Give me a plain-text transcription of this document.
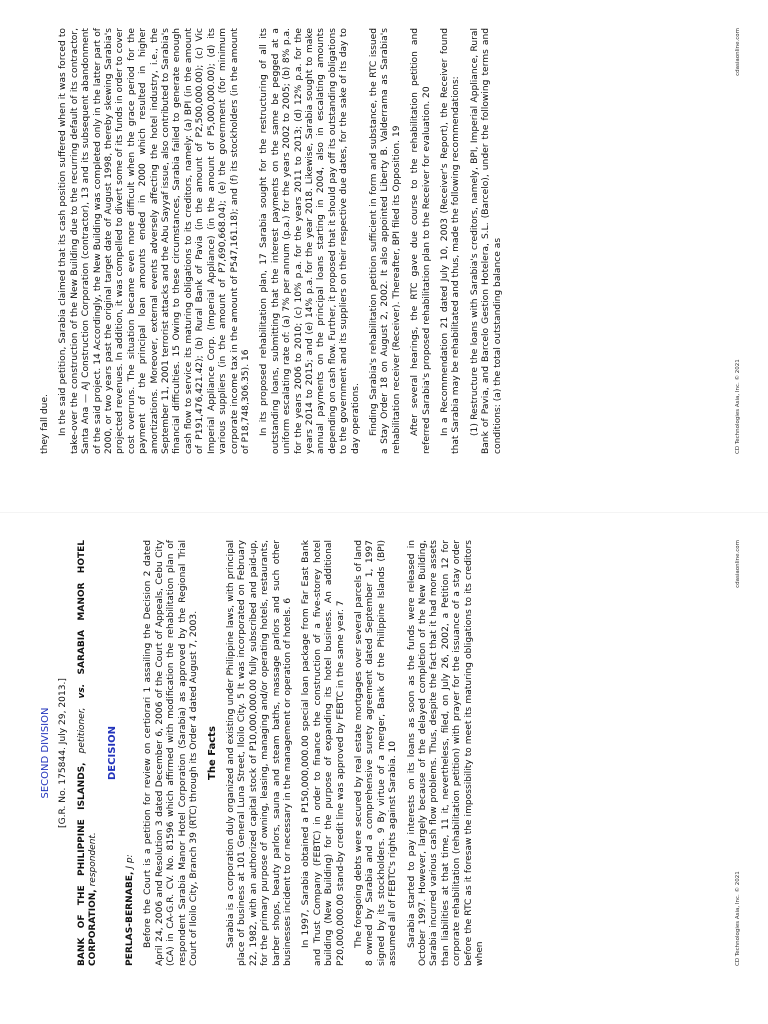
SECOND DIVISION [G.R. No. 175844. July 29, 2013.]

BANK OF THE PHILIPPINE ISLANDS, petitioner, vs. SARABIA MANOR HOTEL CORPORATION, respondent.

DECISION

PERLAS-BERNABE, J p: Before the Court is a petition for review on certiorari 1 assailing the Decision 2 dated April 24, 2006 and Resolution 3 dated December 6, 2006 of the Court of Appeals, Cebu City (CA) in CA-G.R. CV. No. 81596 which affirmed with modification the rehabilitation plan of respondent Sarabia Manor Hotel Corporation (Sarabia) as approved by the Regional Trial Court of Iloilo City, Branch 39 (RTC) through its Order 4 dated August 7, 2003. The Facts Sarabia is a corporation duly organized and existing under Philippine laws, with principal place of business at 101 General Luna Street, Iloilo City. 5 It was incorporated on February 22, 1982, with an authorized capital stock of P10,000,000.00 fully subscribed and paid-up, for the primary purpose of owning, leasing, managing and/or operating hotels, restaurants, barber shops, beauty parlors, sauna and steam baths, massage parlors and such other businesses incident to or necessary in the management or operation of hotels. 6 In 1997, Sarabia obtained a P150,000,000.00 special loan package from Far East Bank and Trust Company (FEBTC) in order to finance the construction of a five-storey hotel building (New Building) for the purpose of expanding its hotel business. An additional P20,000,000.00 stand-by credit line was approved by FEBTC in the same year. 7 The foregoing debts were secured by real estate mortgages over several parcels of land 8 owned by Sarabia and a comprehensive surety agreement dated September 1, 1997 signed by its stockholders. 9 By virtue of a merger, Bank of the Philippine Islands (BPI) assumed all of FEBTC's rights against Sarabia. 10 Sarabia started to pay interests on its loans as soon as the funds were released in October 1997. However, largely because of the delayed completion of the New Building, Sarabia incurred various cash flow problems. Thus, despite the fact that it had more assets than liabilities at that time, 11 it, nevertheless, filed, on July 26, 2002, a Petition 12 for corporate rehabilitation (rehabilitation petition) with prayer for the issuance of a stay order before the RTC as it foresaw the impossibility to meet its maturing obligations to its creditors when	CD Technologies Asia, Inc. © 2021
cdasiaonline.com

they fall due. In the said petition, Sarabia claimed that its cash position suffered when it was forced to take-over the construction of the New Building due to the recurring default of its contractor, Santa Ana — AJ Construction Corporation (contractor), 13 and its subsequent abandonment of the said project. 14 Accordingly, the New Building was completed only in the latter part of 2000, or two years past the original target date of August 1998, thereby skewing Sarabia's projected revenues. In addition, it was compelled to divert some of its funds in order to cover cost overruns. The situation became even more difficult when the grace period for the payment of the principal loan amounts ended in 2000 which resulted in higher amortizations. Moreover, external events adversely affecting the hotel industry, i.e., the September 11, 2001 terrorist attacks and the Abu Sayyaf issue, also contributed to Sarabia's financial difficulties. 15 Owing to these circumstances, Sarabia failed to generate enough cash flow to service its maturing obligations to its creditors, namely: (a) BPI (in the amount of P191,476,421.42); (b) Rural Bank of Pavia (in the amount of P2,500,000.00); (c) Vic Imperial Appliance Corp. (Imperial Appliance) (in the amount of P5,000,000.00); (d) its various suppliers (in the amount of P7,690,668.04); (e) the government (for minimum corporate income tax in the amount of P547,161.18); and (f) its stockholders (in the amount of P18,748,306.35). 16 In its proposed rehabilitation plan, 17 Sarabia sought for the restructuring of all its outstanding loans, submitting that the interest payments on the same be pegged at a uniform escalating rate of: (a) 7% per annum (p.a.) for the years 2002 to 2005; (b) 8% p.a. for the years 2006 to 2010; (c) 10% p.a. for the years 2011 to 2013; (d) 12% p.a. for the years 2014 to 2015; and (e) 14% p.a. for the year 2018. Likewise, Sarabia sought to make annual payments on the principal loans starting in 2004, also in escalating amounts depending on cash flow. Further, it proposed that it should pay off its outstanding obligations to the government and its suppliers on their respective due dates, for the sake of its day to day operations. Finding Sarabia's rehabilitation petition sufficient in form and substance, the RTC issued a Stay Order 18 on August 2, 2002. It also appointed Liberty B. Valderrama as Sarabia's rehabilitation receiver (Receiver). Thereafter, BPI filed its Opposition. 19 After several hearings, the RTC gave due course to the rehabilitation petition and referred Sarabia's proposed rehabilitation plan to the Receiver for evaluation. 20 In a Recommendation 21 dated July 10, 2003 (Receiver's Report), the Receiver found that Sarabia may be rehabilitated and thus, made the following recommendations: (1) Restructure the loans with Sarabia's creditors, namely, BPI, Imperial Appliance, Rural Bank of Pavia, and Barcelo Gestion Hotelera, S.L. (Barcelo), under the following terms and conditions: (a) the total outstanding balance as	CD Technologies Asia, Inc. © 2021
cdasiaonline.com
